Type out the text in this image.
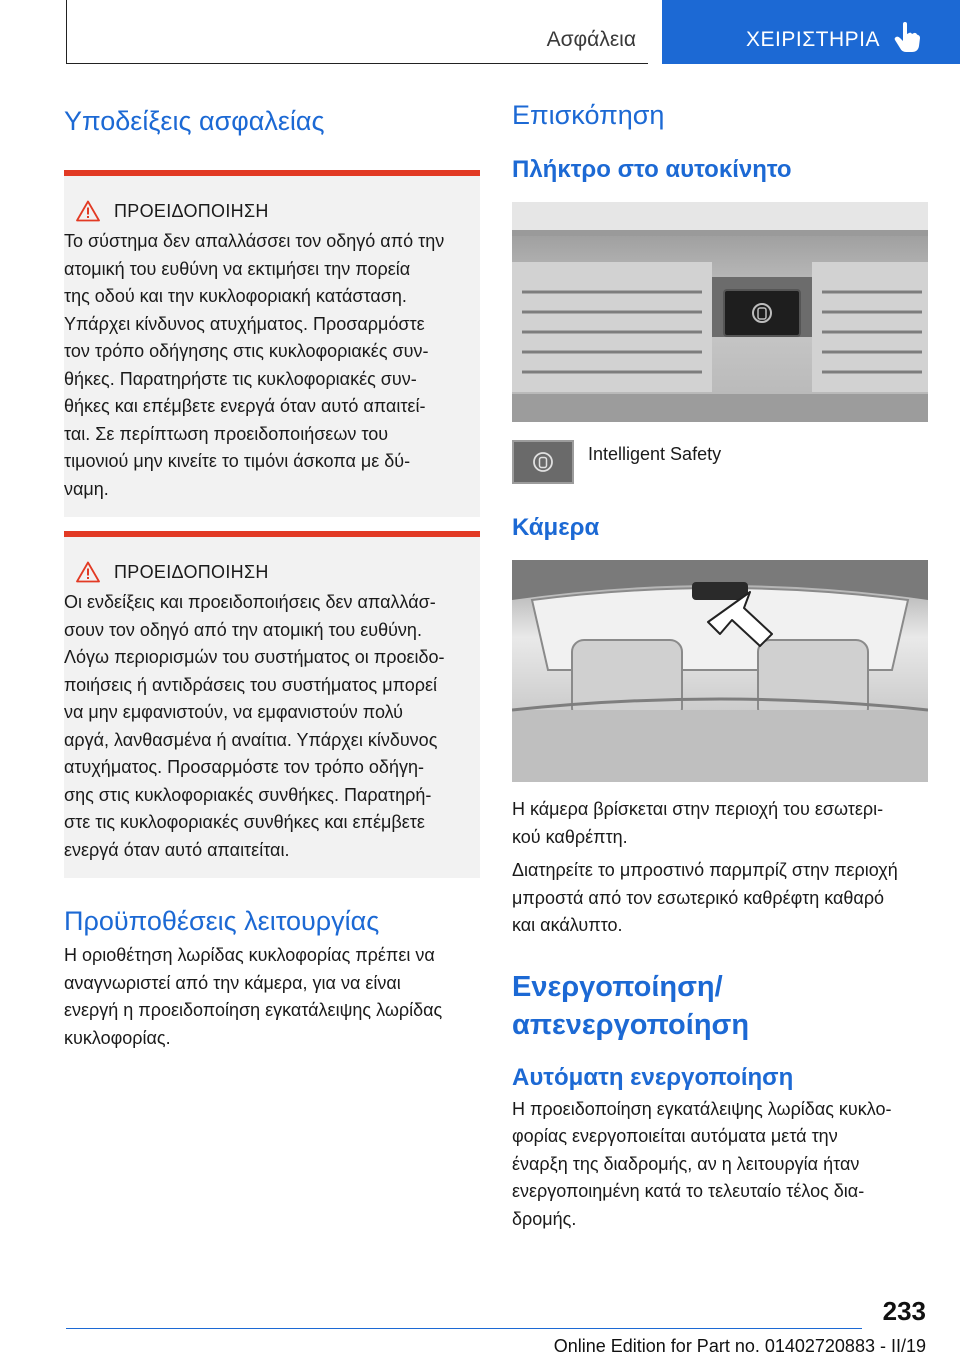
Ασφάλεια	ΧΕΙΡΙΣΤΗΡΙΑ
Υποδείξεις ασφαλείας
ΠΡΟΕΙΔΟΠΟΙΗΣΗ
Το σύστημα δεν απαλλάσσει τον οδηγό από την
ατομική του ευθύνη να εκτιμήσει την πορεία
της οδού και την κυκλοφοριακή κατάσταση.
Υπάρχει κίνδυνος ατυχήματος. Προσαρμόστε
τον τρόπο οδήγησης στις κυκλοφοριακές συν-
θήκες. Παρατηρήστε τις κυκλοφοριακές συν-
θήκες και επέμβετε ενεργά όταν αυτό απαιτεί-
ται. Σε περίπτωση προειδοποιήσεων του
τιμονιού μην κινείτε το τιμόνι άσκοπα με δύ-
ναμη.
ΠΡΟΕΙΔΟΠΟΙΗΣΗ
Οι ενδείξεις και προειδοποιήσεις δεν απαλλάσ-
σουν τον οδηγό από την ατομική του ευθύνη.
Λόγω περιορισμών του συστήματος οι προειδο-
ποιήσεις ή αντιδράσεις του συστήματος μπορεί
να μην εμφανιστούν, να εμφανιστούν πολύ
αργά, λανθασμένα ή αναίτια. Υπάρχει κίνδυνος
ατυχήματος. Προσαρμόστε τον τρόπο οδήγη-
σης στις κυκλοφοριακές συνθήκες. Παρατηρή-
στε τις κυκλοφοριακές συνθήκες και επέμβετε
ενεργά όταν αυτό απαιτείται.
Προϋποθέσεις λειτουργίας
Η οριοθέτηση λωρίδας κυκλοφορίας πρέπει να
αναγνωριστεί από την κάμερα, για να είναι
ενεργή η προειδοποίηση εγκατάλειψης λωρίδας
κυκλοφορίας.
Επισκόπηση
Πλήκτρο στο αυτοκίνητο
Intelligent Safety
Κάμερα
Η κάμερα βρίσκεται στην περιοχή του εσωτερι-
κού καθρέπτη.
Διατηρείτε το μπροστινό παρμπρίζ στην περιοχή
μπροστά από τον εσωτερικό καθρέφτη καθαρό
και ακάλυπτο.
Ενεργοποίηση/απενεργοποίηση
Αυτόματη ενεργοποίηση
Η προειδοποίηση εγκατάλειψης λωρίδας κυκλο-
φορίας ενεργοποιείται αυτόματα μετά την
έναρξη της διαδρομής, αν η λειτουργία ήταν
ενεργοποιημένη κατά το τελευταίο τέλος δια-
δρομής.
233
Online Edition for Part no. 01402720883 - II/19
